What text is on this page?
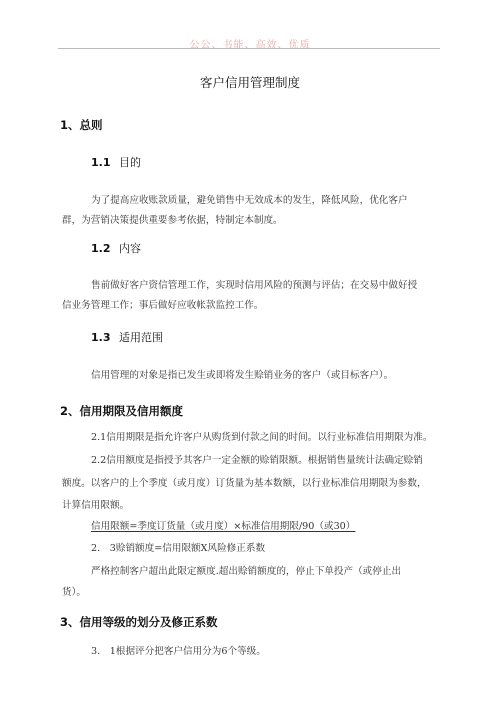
公公、书能、高效、优质
客户信用管理制度
1、总则
1.1 目的
为了提高应收账款质量，避免销售中无效成本的发生，降低风险，优化客户
群，为营销决策提供重要参考依据，特制定本制度。
1.2 内容
售前做好客户资信管理工作，实现时信用风险的预测与评估；在交易中做好授
信业务管理工作；事后做好应收帐款监控工作。
1.3 适用范围
信用管理的对象是指已发生或即将发生赊销业务的客户（或目标客户）。
2、信用期限及信用额度
2.1信用期限是指允许客户从购货到付款之间的时间。以行业标准信用期限为准。
2.2信用额度是指授予其客户一定金额的赊销限额。根据销售量统计法确定赊销
额度。以客户的上个季度（或月度）订货量为基本数额，以行业标准信用期限为参数，
计算信用限额。
信用限额=季度订货量（或月度）×标准信用期限/90（或30）
2.　3赊销额度=信用限额X风险修正系数
严格控制客户超出此限定额度.超出赊销额度的，停止下单投产（或停止出
货）。
3、信用等级的划分及修正系数
3.　1根据评分把客户信用分为6个等级。
